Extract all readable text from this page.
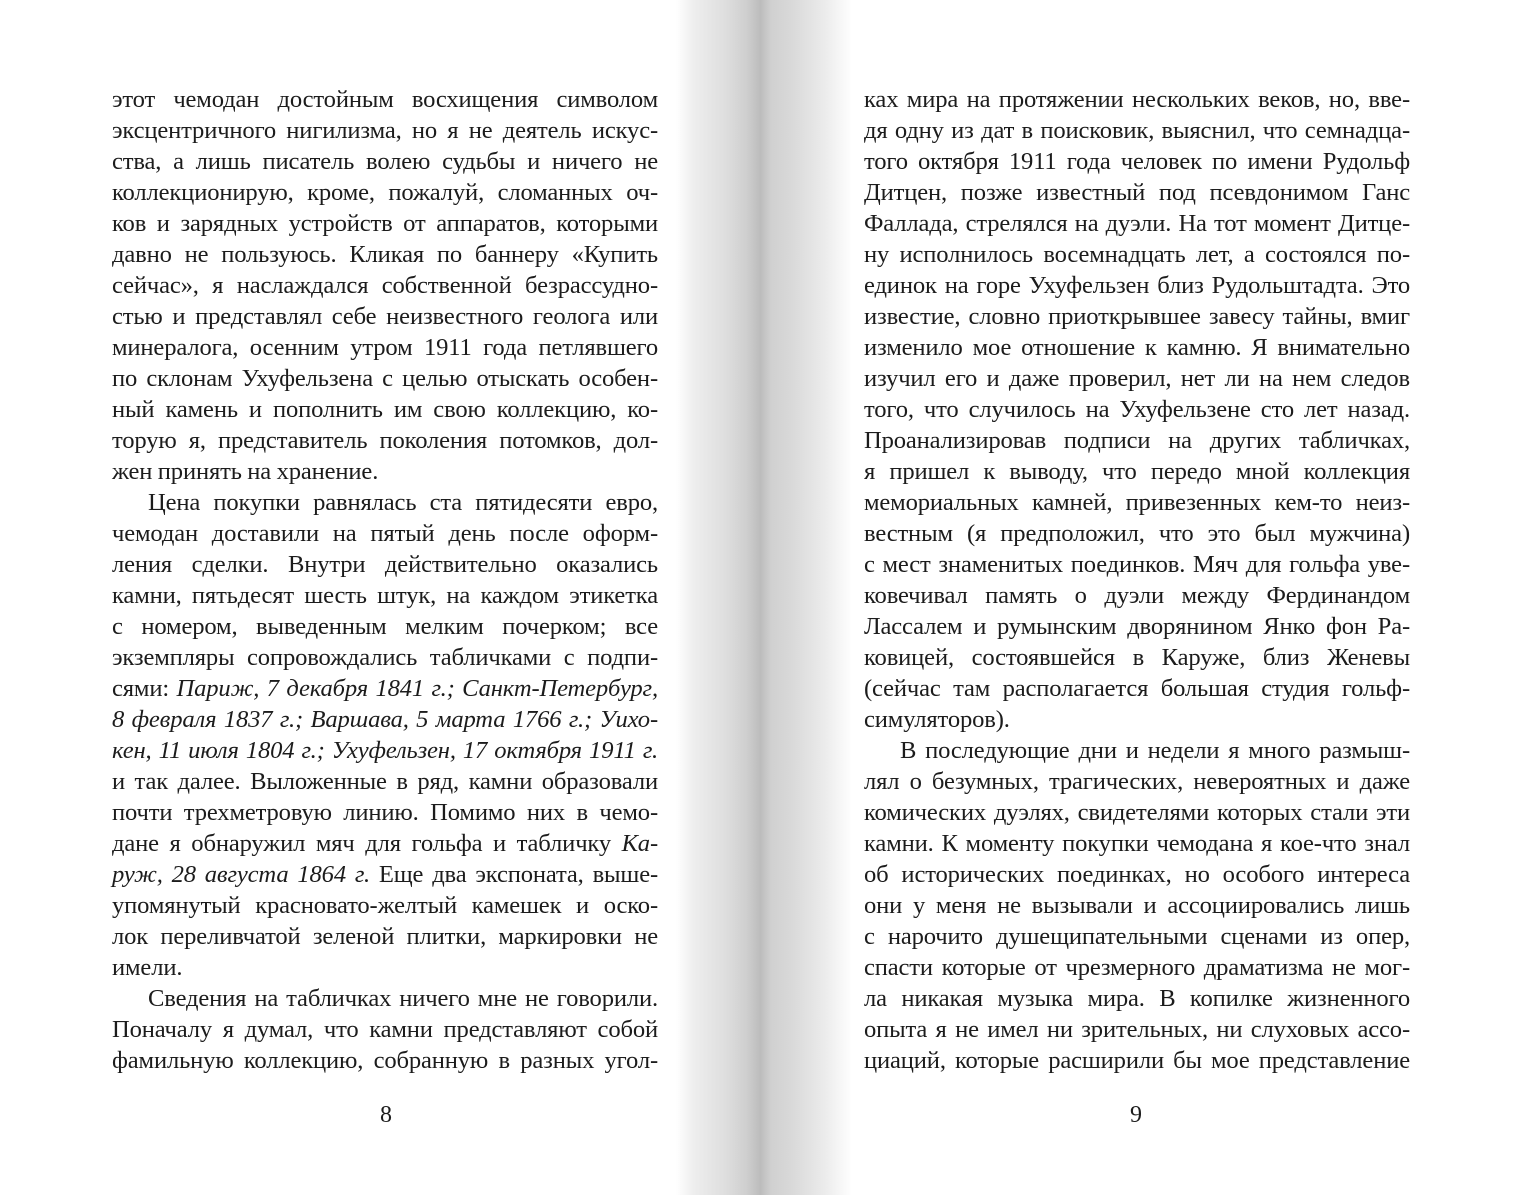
этот чемодан достойным восхищения символом
эксцентричного нигилизма, но я не деятель искус-
ства, а лишь писатель волею судьбы и ничего не
коллекционирую, кроме, пожалуй, сломанных оч-
ков и зарядных устройств от аппаратов, которыми
давно не пользуюсь. Кликая по баннеру «Купить
сейчас», я наслаждался собственной безрассудно-
стью и представлял себе неизвестного геолога или
минералога, осенним утром 1911 года петлявшего
по склонам Ухуфельзена с целью отыскать особен-
ный камень и пополнить им свою коллекцию, ко-
торую я, представитель поколения потомков, дол-
жен принять на хранение.
Цена покупки равнялась ста пятидесяти евро,
чемодан доставили на пятый день после оформ-
ления сделки. Внутри действительно оказались
камни, пятьдесят шесть штук, на каждом этикетка
с номером, выведенным мелким почерком; все
экземпляры сопровождались табличками с подпи-
сями: Париж, 7 декабря 1841 г.; Санкт-Петербург,
8 февраля 1837 г.; Варшава, 5 марта 1766 г.; Уихо-
кен, 11 июля 1804 г.; Ухуфельзен, 17 октября 1911 г.
и так далее. Выложенные в ряд, камни образовали
почти трехметровую линию. Помимо них в чемо-
дане я обнаружил мяч для гольфа и табличку Ка-
руж, 28 августа 1864 г. Еще два экспоната, выше-
упомянутый красновато-желтый камешек и оско-
лок переливчатой зеленой плитки, маркировки не
имели.
Сведения на табличках ничего мне не говорили.
Поначалу я думал, что камни представляют собой
фамильную коллекцию, собранную в разных угол-
ках мира на протяжении нескольких веков, но, вве-
дя одну из дат в поисковик, выяснил, что семнадца-
того октября 1911 года человек по имени Рудольф
Дитцен, позже известный под псевдонимом Ганс
Фаллада, стрелялся на дуэли. На тот момент Дитце-
ну исполнилось восемнадцать лет, а состоялся по-
единок на горе Ухуфельзен близ Рудольштадта. Это
известие, словно приоткрывшее завесу тайны, вмиг
изменило мое отношение к камню. Я внимательно
изучил его и даже проверил, нет ли на нем следов
того, что случилось на Ухуфельзене сто лет назад.
Проанализировав подписи на других табличках,
я пришел к выводу, что передо мной коллекция
мемориальных камней, привезенных кем-то неиз-
вестным (я предположил, что это был мужчина)
с мест знаменитых поединков. Мяч для гольфа уве-
ковечивал память о дуэли между Фердинандом
Лассалем и румынским дворянином Янко фон Ра-
ковицей, состоявшейся в Каруже, близ Женевы
(сейчас там располагается большая студия гольф-
симуляторов).
В последующие дни и недели я много размыш-
лял о безумных, трагических, невероятных и даже
комических дуэлях, свидетелями которых стали эти
камни. К моменту покупки чемодана я кое-что знал
об исторических поединках, но особого интереса
они у меня не вызывали и ассоциировались лишь
с нарочито душещипательными сценами из опер,
спасти которые от чрезмерного драматизма не мог-
ла никакая музыка мира. В копилке жизненного
опыта я не имел ни зрительных, ни слуховых ассо-
циаций, которые расширили бы мое представление
8	9
